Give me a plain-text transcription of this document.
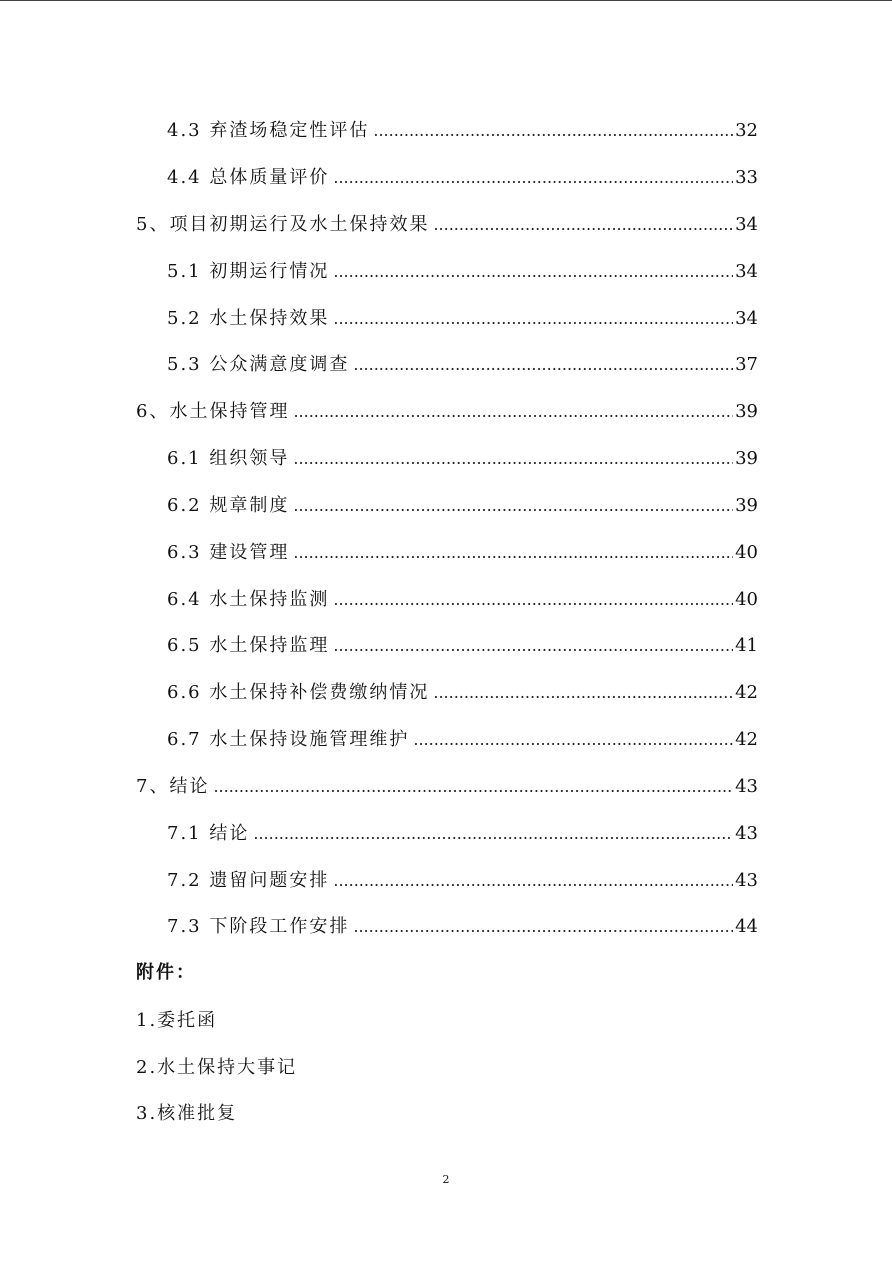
4.3 弃渣场稳定性评估 .....	32
4.4 总体质量评价 .....	33
5、项目初期运行及水土保持效果 .....	34
5.1 初期运行情况 .....	34
5.2 水土保持效果 .....	34
5.3 公众满意度调查 .....	37
6、水土保持管理 .....	39
6.1 组织领导 .....	39
6.2 规章制度 .....	39
6.3 建设管理 .....	40
6.4 水土保持监测 .....	40
6.5 水土保持监理 .....	41
6.6 水土保持补偿费缴纳情况 .....	42
6.7 水土保持设施管理维护 .....	42
7、结论 .....	43
7.1 结论 .....	43
7.2 遗留问题安排 .....	43
7.3 下阶段工作安排 .....	44
附件：
1.委托函
2.水土保持大事记
3.核准批复
2
